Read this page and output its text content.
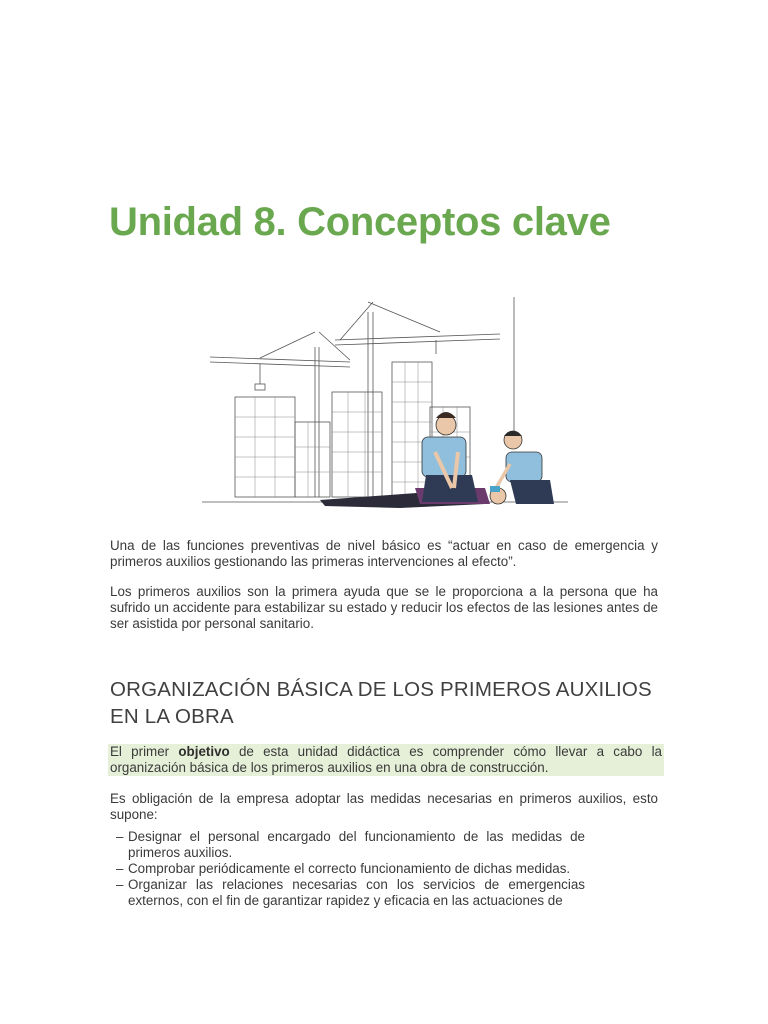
Unidad 8. Conceptos clave

Una de las funciones preventivas de nivel básico es “actuar en caso de emergencia y primeros auxilios gestionando las primeras intervenciones al efecto”.

Los primeros auxilios son la primera ayuda que se le proporciona a la persona que ha sufrido un accidente para estabilizar su estado y reducir los efectos de las lesiones antes de ser asistida por personal sanitario.

ORGANIZACIÓN BÁSICA DE LOS PRIMEROS AUXILIOS EN LA OBRA
El primer objetivo de esta unidad didáctica es comprender cómo llevar a cabo la organización básica de los primeros auxilios en una obra de construcción.

Es obligación de la empresa adoptar las medidas necesarias en primeros auxilios, esto supone:

– Designar el personal encargado del funcionamiento de las medidas de primeros auxilios.
– Comprobar periódicamente el correcto funcionamiento de dichas medidas.
– Organizar las relaciones necesarias con los servicios de emergencias externos, con el fin de garantizar rapidez y eficacia en las actuaciones de
